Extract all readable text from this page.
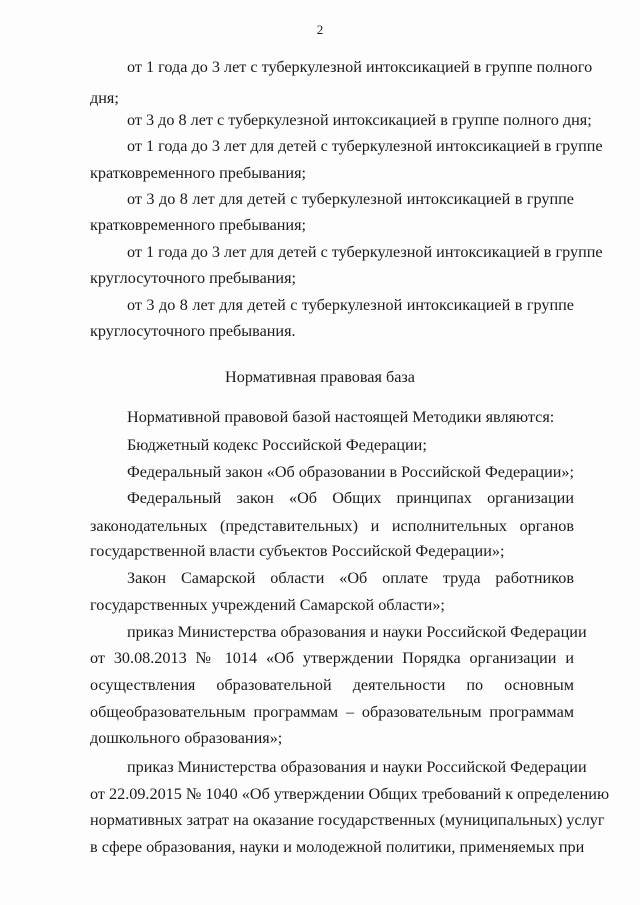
2
от 1 года до 3 лет с туберкулезной интоксикацией в группе полного
дня;
от 3 до 8 лет с туберкулезной интоксикацией в группе полного дня;
от 1 года до 3 лет для детей с туберкулезной интоксикацией в группе
кратковременного пребывания;
от 3 до 8 лет для детей с туберкулезной интоксикацией в группе
кратковременного пребывания;
от 1 года до 3 лет для детей с туберкулезной интоксикацией в группе
круглосуточного пребывания;
от 3 до 8 лет для детей с туберкулезной интоксикацией в группе
круглосуточного пребывания.
Нормативная правовая база
Нормативной правовой базой настоящей Методики являются:
Бюджетный кодекс Российской Федерации;
Федеральный закон «Об образовании в Российской Федерации»;
Федеральный закон «Об Общих принципах организации
законодательных (представительных) и исполнительных органов
государственной власти субъектов Российской Федерации»;
Закон Самарской области «Об оплате труда работников
государственных учреждений Самарской области»;
приказ Министерства образования и науки Российской Федерации
от 30.08.2013 № 1014 «Об утверждении Порядка организации и
осуществления образовательной деятельности по основным
общеобразовательным программам – образовательным программам
дошкольного образования»;
приказ Министерства образования и науки Российской Федерации
от 22.09.2015 № 1040 «Об утверждении Общих требований к определению
нормативных затрат на оказание государственных (муниципальных) услуг
в сфере образования, науки и молодежной политики, применяемых при
